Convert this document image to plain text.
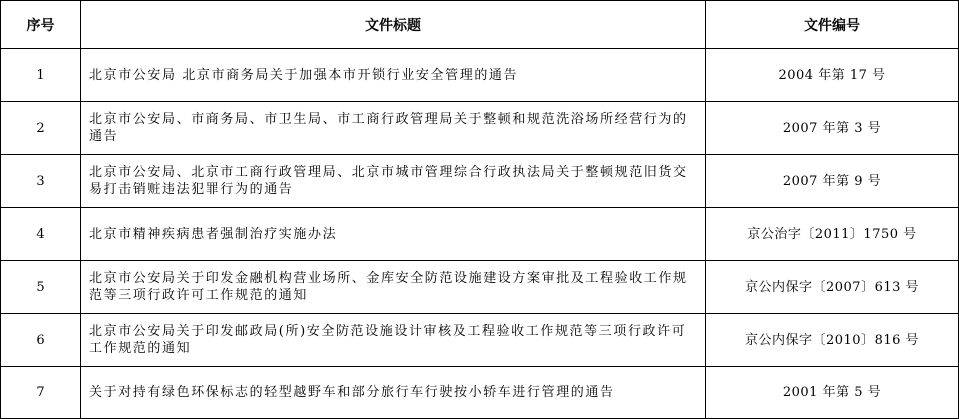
序号	文件标题	文件编号
1	北京市公安局 北京市商务局关于加强本市开锁行业安全管理的通告	2004 年第 17 号
2	北京市公安局、市商务局、市卫生局、市工商行政管理局关于整顿和规范洗浴场所经营行为的通告	2007 年第 3 号
3	北京市公安局、北京市工商行政管理局、北京市城市管理综合行政执法局关于整顿规范旧货交易打击销赃违法犯罪行为的通告	2007 年第 9 号
4	北京市精神疾病患者强制治疗实施办法	京公治字〔2011〕1750 号
5	北京市公安局关于印发金融机构营业场所、金库安全防范设施建设方案审批及工程验收工作规范等三项行政许可工作规范的通知	京公内保字〔2007〕613 号
6	北京市公安局关于印发邮政局(所)安全防范设施设计审核及工程验收工作规范等三项行政许可工作规范的通知	京公内保字〔2010〕816 号
7	关于对持有绿色环保标志的轻型越野车和部分旅行车行驶按小轿车进行管理的通告	2001 年第 5 号
